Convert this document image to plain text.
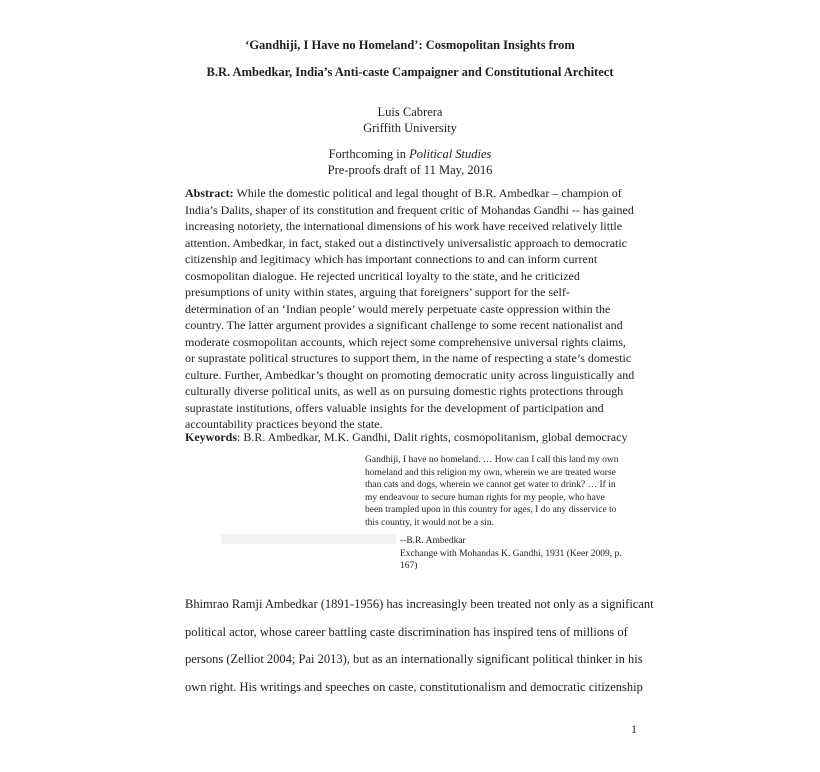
‘Gandhiji, I Have no Homeland’: Cosmopolitan Insights from
B.R. Ambedkar, India’s Anti-caste Campaigner and Constitutional Architect
Luis Cabrera
Griffith University
Forthcoming in Political Studies
Pre-proofs draft of 11 May, 2016
Abstract: While the domestic political and legal thought of B.R. Ambedkar – champion of
India’s Dalits, shaper of its constitution and frequent critic of Mohandas Gandhi -- has gained
increasing notoriety, the international dimensions of his work have received relatively little
attention. Ambedkar, in fact, staked out a distinctively universalistic approach to democratic
citizenship and legitimacy which has important connections to and can inform current
cosmopolitan dialogue. He rejected uncritical loyalty to the state, and he criticized
presumptions of unity within states, arguing that foreigners’ support for the self-
determination of an ‘Indian people’ would merely perpetuate caste oppression within the
country. The latter argument provides a significant challenge to some recent nationalist and
moderate cosmopolitan accounts, which reject some comprehensive universal rights claims,
or suprastate political structures to support them, in the name of respecting a state’s domestic
culture. Further, Ambedkar’s thought on promoting democratic unity across linguistically and
culturally diverse political units, as well as on pursuing domestic rights protections through
suprastate institutions, offers valuable insights for the development of participation and
accountability practices beyond the state.
Keywords: B.R. Ambedkar, M.K. Gandhi, Dalit rights, cosmopolitanism, global democracy
Gandhiji, I have no homeland. … How can I call this land my own
homeland and this religion my own, wherein we are treated worse
than cats and dogs, wherein we cannot get water to drink? … If in
my endeavour to secure human rights for my people, who have
been trampled upon in this country for ages, I do any disservice to
this country, it would not be a sin.
--B.R. Ambedkar
Exchange with Mohandas K. Gandhi, 1931 (Keer 2009, p.
167)
Bhimrao Ramji Ambedkar (1891-1956) has increasingly been treated not only as a significant
political actor, whose career battling caste discrimination has inspired tens of millions of
persons (Zelliot 2004; Pai 2013), but as an internationally significant political thinker in his
own right. His writings and speeches on caste, constitutionalism and democratic citizenship
1
